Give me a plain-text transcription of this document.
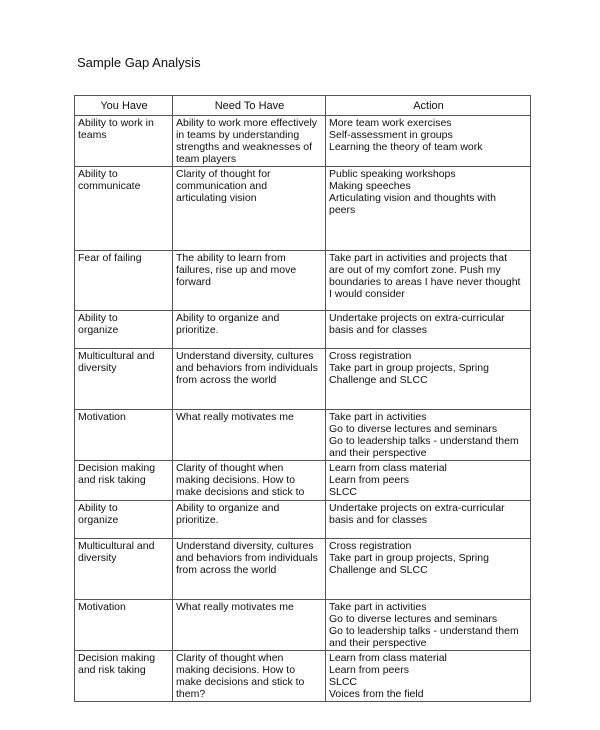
Sample Gap Analysis
You Have	Need To Have	Action

Ability to work in
teams	Ability to work more effectively
in teams by understanding
strengths and weaknesses of
team players	More team work exercises
Self-assessment in groups
Learning the theory of team work

Ability to
communicate	Clarity of thought for
communication and
articulating vision	Public speaking workshops
Making speeches
Articulating vision and thoughts with
peers

Fear of failing	The ability to learn from
failures, rise up and move
forward	Take part in activities and projects that
are out of my comfort zone. Push my
boundaries to areas I have never thought
I would consider

Ability to
organize	Ability to organize and
prioritize.	Undertake projects on extra-curricular
basis and for classes

Multicultural and
diversity	Understand diversity, cultures
and behaviors from individuals
from across the world	Cross registration
Take part in group projects, Spring
Challenge and SLCC

Motivation	What really motivates me	Take part in activities
Go to diverse lectures and seminars
Go to leadership talks - understand them
and their perspective

Decision making
and risk taking	Clarity of thought when
making decisions. How to
make decisions and stick to	Learn from class material
Learn from peers
SLCC

Ability to
organize	Ability to organize and
prioritize.	Undertake projects on extra-curricular
basis and for classes

Multicultural and
diversity	Understand diversity, cultures
and behaviors from individuals
from across the world	Cross registration
Take part in group projects, Spring
Challenge and SLCC

Motivation	What really motivates me	Take part in activities
Go to diverse lectures and seminars
Go to leadership talks - understand them
and their perspective

Decision making
and risk taking	Clarity of thought when
making decisions. How to
make decisions and stick to
them?	Learn from class material
Learn from peers
SLCC
Voices from the field
